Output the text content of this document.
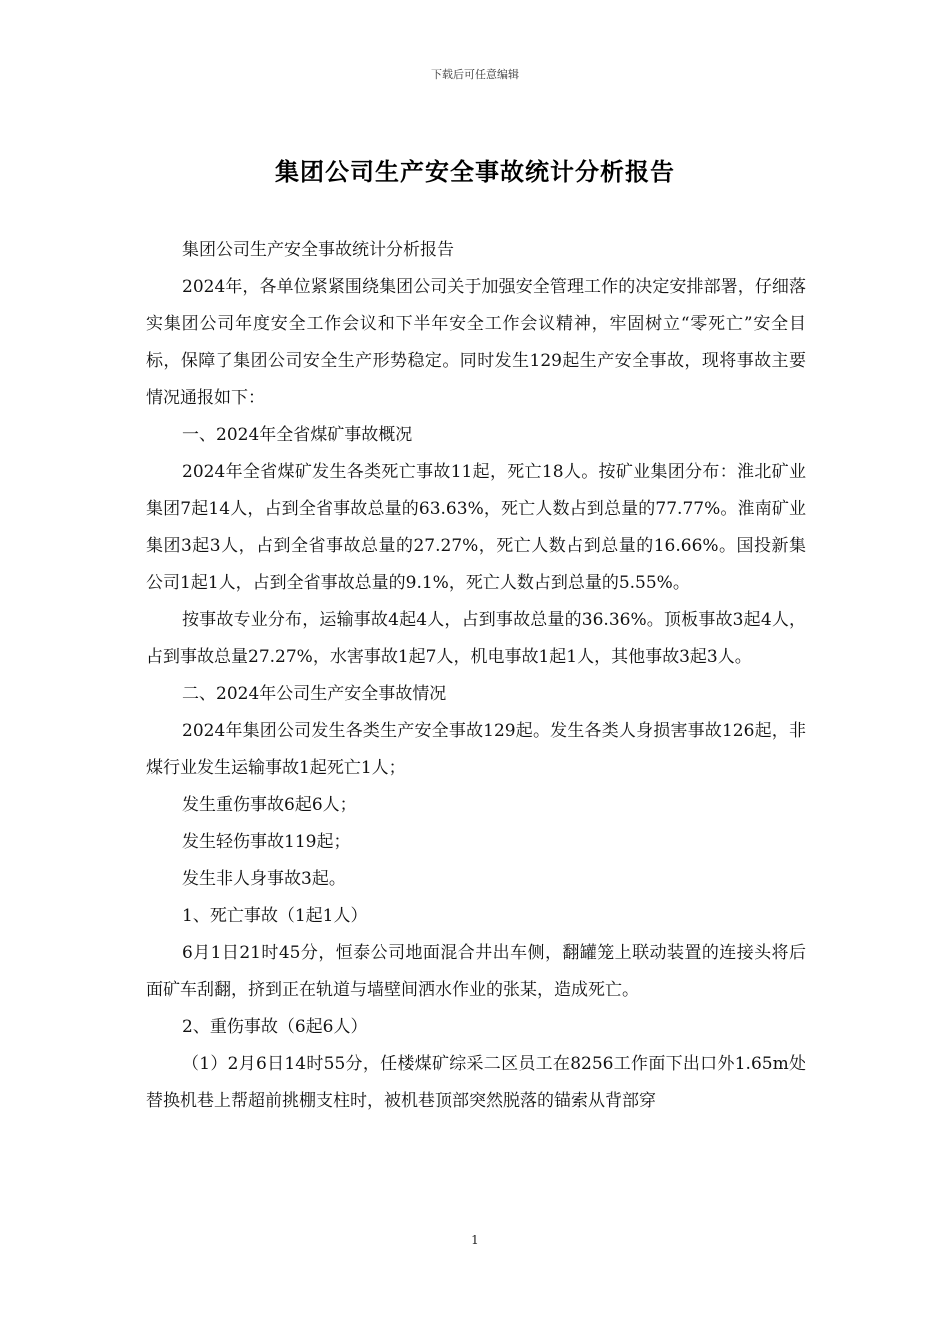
下载后可任意编辑
集团公司生产安全事故统计分析报告

集团公司生产安全事故统计分析报告

2024年，各单位紧紧围绕集团公司关于加强安全管理工作的决定安排部署，仔细落实集团公司年度安全工作会议和下半年安全工作会议精神，牢固树立“零死亡”安全目标，保障了集团公司安全生产形势稳定。同时发生129起生产安全事故，现将事故主要情况通报如下：

一、2024年全省煤矿事故概况

2024年全省煤矿发生各类死亡事故11起，死亡18人。按矿业集团分布：淮北矿业集团7起14人，占到全省事故总量的63.63%，死亡人数占到总量的77.77%。淮南矿业集团3起3人，占到全省事故总量的27.27%，死亡人数占到总量的16.66%。国投新集公司1起1人，占到全省事故总量的9.1%，死亡人数占到总量的5.55%。

按事故专业分布，运输事故4起4人，占到事故总量的36.36%。顶板事故3起4人，占到事故总量27.27%，水害事故1起7人，机电事故1起1人，其他事故3起3人。

二、2024年公司生产安全事故情况

2024年集团公司发生各类生产安全事故129起。发生各类人身损害事故126起，非煤行业发生运输事故1起死亡1人；

发生重伤事故6起6人；

发生轻伤事故119起；

发生非人身事故3起。

1、死亡事故（1起1人）

6月1日21时45分，恒泰公司地面混合井出车侧，翻罐笼上联动装置的连接头将后面矿车刮翻，挤到正在轨道与墙壁间洒水作业的张某，造成死亡。

2、重伤事故（6起6人）

（1）2月6日14时55分，任楼煤矿综采二区员工在8256工作面下出口外1.65m处替换机巷上帮超前挑棚支柱时，被机巷顶部突然脱落的锚索从背部穿

1
